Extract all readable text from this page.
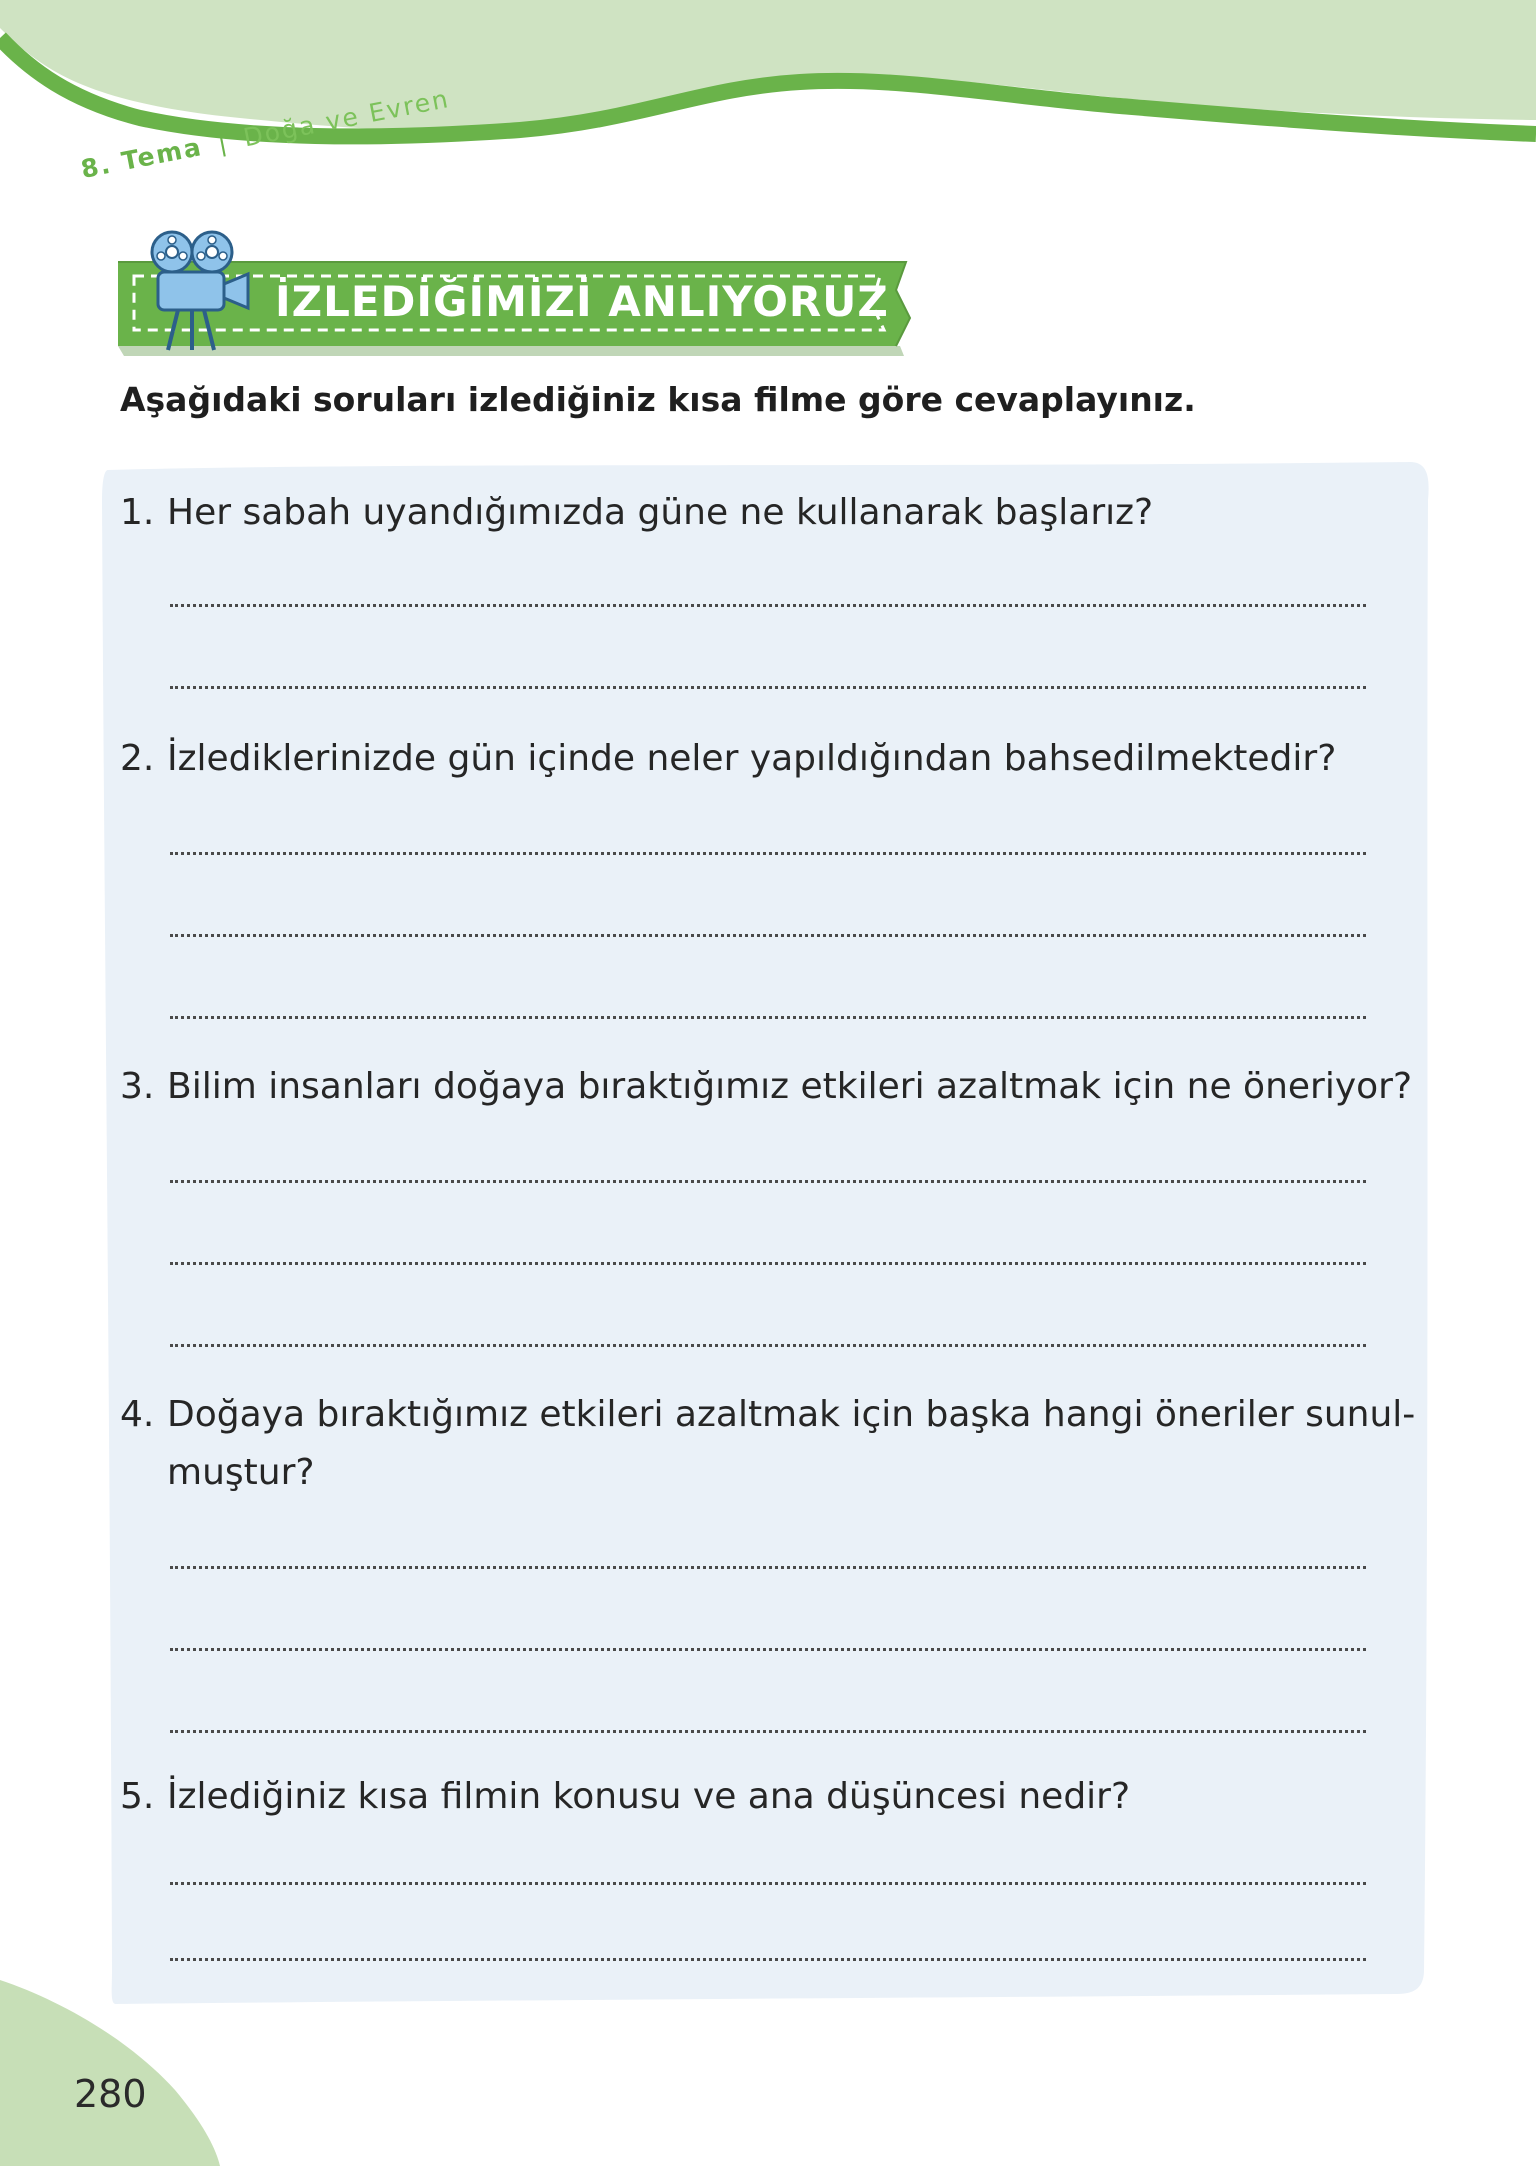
8. Tema | Doğa ve Evren
İZLEDİĞİMİZİ ANLIYORUZ
Aşağıdaki soruları izlediğiniz kısa filme göre cevaplayınız.
1. Her sabah uyandığımızda güne ne kullanarak başlarız?
2. İzlediklerinizde gün içinde neler yapıldığından bahsedilmektedir?
3. Bilim insanları doğaya bıraktığımız etkileri azaltmak için ne öneriyor?
4. Doğaya bıraktığımız etkileri azaltmak için başka hangi öneriler sunul-
muştur?
5. İzlediğiniz kısa filmin konusu ve ana düşüncesi nedir?
280
